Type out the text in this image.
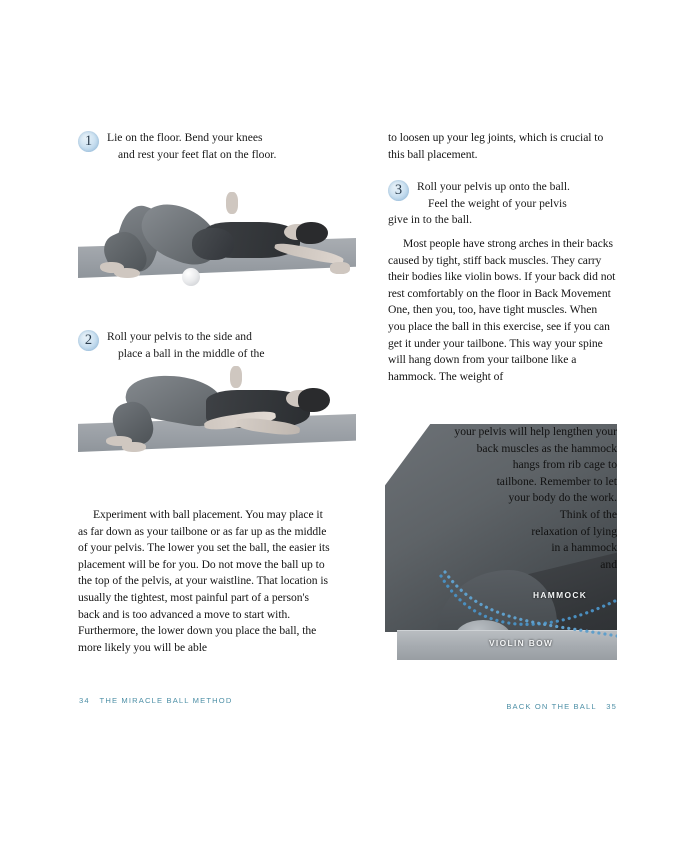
1	Lie on the floor. Bend your knees
and rest your feet flat on the floor.
2	Roll your pelvis to the side and
place a ball in the middle of the

Experiment with ball placement. You may place it as far down as your tailbone or as far up as the middle of your pelvis. The lower you set the ball, the easier its placement will be for you. Do not move the ball up to the top of the pelvis, at your waistline. That location is usually the tightest, most painful part of a person's back and is too advanced a move to start with. Furthermore, the lower down you place the ball, the more likely you will be able

to loosen up your leg joints, which is crucial to this ball placement.

3	Roll your pelvis up onto the ball.
Feel the weight of your pelvis
give in to the ball.

Most people have strong arches in their backs caused by tight, stiff back muscles. They carry their bodies like violin bows. If your back did not rest comfortably on the floor in Back Movement One, then you, too, have tight muscles. When you place the ball in this exercise, see if you can get it under your tailbone. This way your spine will hang down from your tailbone like a hammock. The weight of

HAMMOCK
VIOLIN BOW
your pelvis will help lengthen your
back muscles as the hammock
hangs from rib cage to
tailbone. Remember to let
your body do the work.
Think of the
relaxation of lying
in a hammock
and
34 THE MIRACLE BALL METHOD
BACK ON THE BALL 35
